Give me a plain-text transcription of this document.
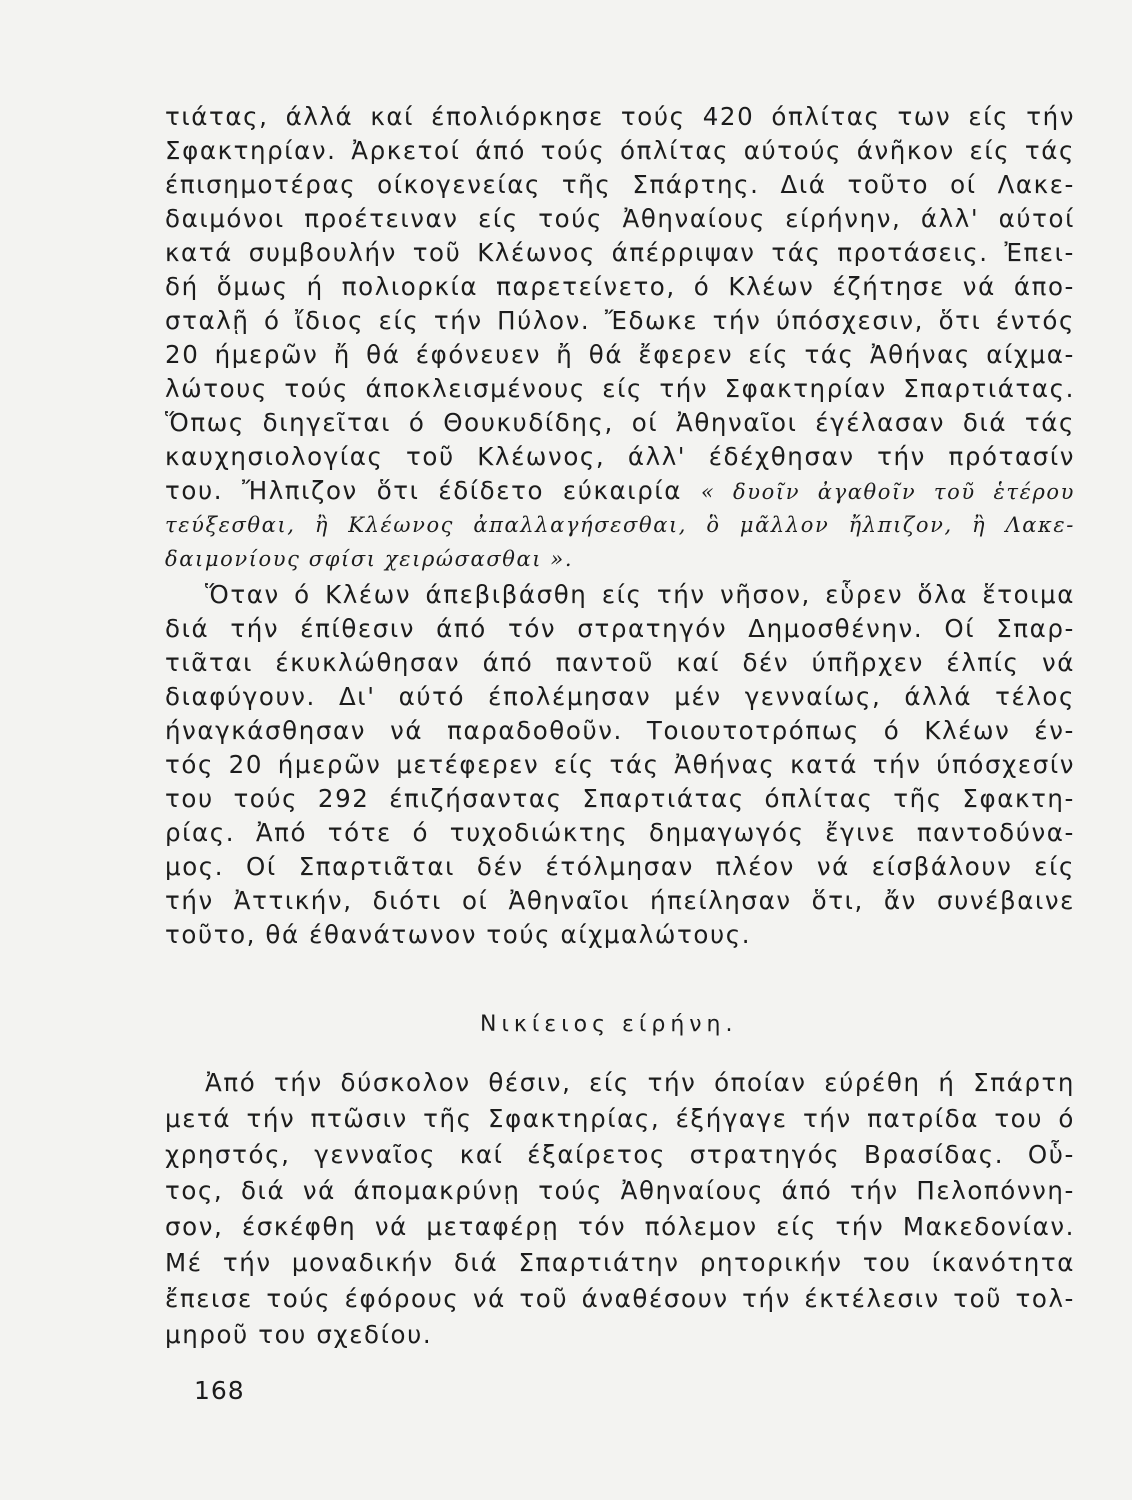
τιάτας, άλλά καί έπολιόρκησε τούς 420 όπλίτας των είς τήν
Σφακτηρίαν. Ἀρκετοί άπό τούς όπλίτας αύτούς άνῆκον είς τάς
έπισημοτέρας οίκογενείας τῆς Σπάρτης. Διά τοῦτο οί Λακε-
δαιμόνοι προέτειναν είς τούς Ἀθηναίους είρήνην, άλλ' αύτοί
κατά συμβουλήν τοῦ Κλέωνος άπέρριψαν τάς προτάσεις. Ἐπει-
δή ὅμως ή πολιορκία παρετείνετο, ό Κλέων έζήτησε νά άπο-
σταλῇ ό ἴδιος είς τήν Πύλον. Ἔδωκε τήν ύπόσχεσιν, ὅτι έντός
20 ήμερῶν ἤ θά έφόνευεν ἤ θά ἔφερεν είς τάς Ἀθήνας αίχμα-
λώτους τούς άποκλεισμένους είς τήν Σφακτηρίαν Σπαρτιάτας.
Ὅπως διηγεῖται ό Θουκυδίδης, οί Ἀθηναῖοι έγέλασαν διά τάς
καυχησιολογίας τοῦ Κλέωνος, άλλ' έδέχθησαν τήν πρότασίν
του. Ἤλπιζον ὅτι έδίδετο εύκαιρία « δυοῖν ἀγαθοῖν τοῦ ἑτέρου
τεύξεσθαι, ἢ Κλέωνος ἀπαλλαγήσεσθαι, ὃ μᾶλλον ἤλπιζον, ἢ Λακε-
δαιμονίους σφίσι χειρώσασθαι ».
Ὅταν ό Κλέων άπεβιβάσθη είς τήν νῆσον, εὗρεν ὅλα ἕτοιμα
διά τήν έπίθεσιν άπό τόν στρατηγόν Δημοσθένην. Οί Σπαρ-
τιᾶται έκυκλώθησαν άπό παντοῦ καί δέν ύπῆρχεν έλπίς νά
διαφύγουν. Δι' αύτό έπολέμησαν μέν γενναίως, άλλά τέλος
ήναγκάσθησαν νά παραδοθοῦν. Τοιουτοτρόπως ό Κλέων έν-
τός 20 ήμερῶν μετέφερεν είς τάς Ἀθήνας κατά τήν ύπόσχεσίν
του τούς 292 έπιζήσαντας Σπαρτιάτας όπλίτας τῆς Σφακτη-
ρίας. Ἀπό τότε ό τυχοδιώκτης δημαγωγός ἔγινε παντοδύνα-
μος. Οί Σπαρτιᾶται δέν έτόλμησαν πλέον νά είσβάλουν είς
τήν Ἀττικήν, διότι οί Ἀθηναῖοι ήπείλησαν ὅτι, ἄν συνέβαινε
τοῦτο, θά έθανάτωνον τούς αίχμαλώτους.
Νικίειος είρήνη.
Ἀπό τήν δύσκολον θέσιν, είς τήν όποίαν εύρέθη ή Σπάρτη
μετά τήν πτῶσιν τῆς Σφακτηρίας, έξήγαγε τήν πατρίδα του ό
χρηστός, γενναῖος καί έξαίρετος στρατηγός Βρασίδας. Οὗ-
τος, διά νά άπομακρύνῃ τούς Ἀθηναίους άπό τήν Πελοπόννη-
σον, έσκέφθη νά μεταφέρῃ τόν πόλεμον είς τήν Μακεδονίαν.
Μέ τήν μοναδικήν διά Σπαρτιάτην ρητορικήν του ίκανότητα
ἔπεισε τούς έφόρους νά τοῦ άναθέσουν τήν έκτέλεσιν τοῦ τολ-
μηροῦ του σχεδίου.
168
